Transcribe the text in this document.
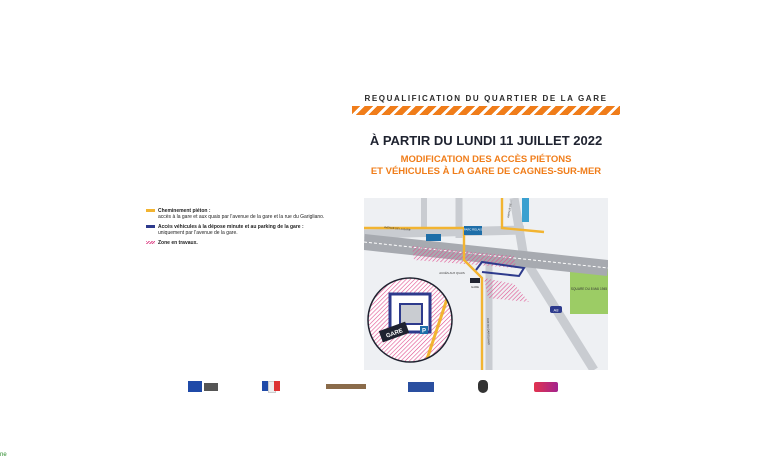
REQUALIFICATION DU QUARTIER DE LA GARE
À PARTIR DU LUNDI 11 JUILLET 2022
MODIFICATION DES ACCÈS PIÉTONS
ET VÉHICULES À LA GARE DE CAGNES-SUR-MER
Cheminement piéton :
accès à la gare et aux quais par l'avenue de la gare et la rue du Garigliano.
Accès véhicules à la dépose minute et au parking de la gare :
uniquement par l'avenue de la gare.
Zone en travaux.
SQUARE DU 8 MAI 1945
PARC RELAIS
AVENUE DE LA GARE
AVENUE DE ...
RUE DU GARIGLIANO
ACCÈS AUX QUAIS
GARE
A8
GARE	P
ne
